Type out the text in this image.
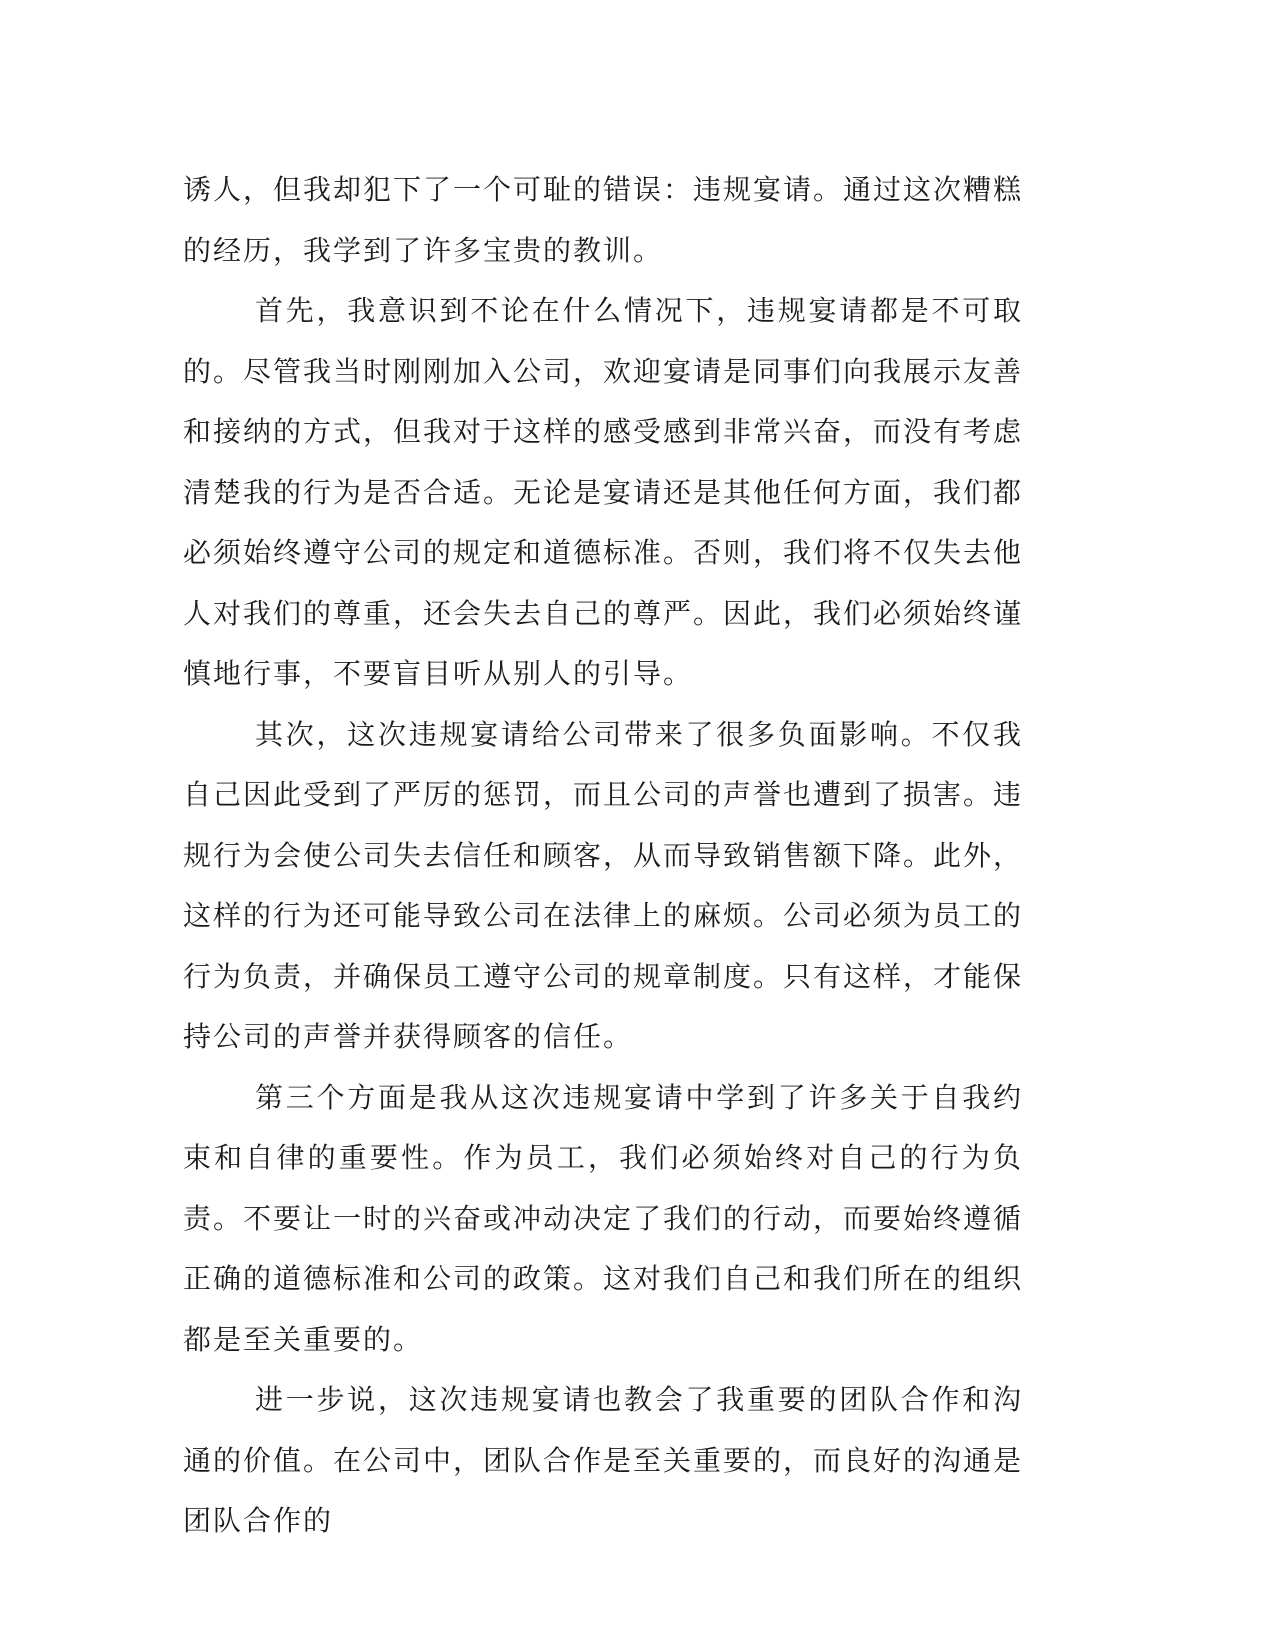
诱人，但我却犯下了一个可耻的错误：违规宴请。通过这次糟糕的经历，我学到了许多宝贵的教训。

首先，我意识到不论在什么情况下，违规宴请都是不可取的。尽管我当时刚刚加入公司，欢迎宴请是同事们向我展示友善和接纳的方式，但我对于这样的感受感到非常兴奋，而没有考虑清楚我的行为是否合适。无论是宴请还是其他任何方面，我们都必须始终遵守公司的规定和道德标准。否则，我们将不仅失去他人对我们的尊重，还会失去自己的尊严。因此，我们必须始终谨慎地行事，不要盲目听从别人的引导。

其次，这次违规宴请给公司带来了很多负面影响。不仅我自己因此受到了严厉的惩罚，而且公司的声誉也遭到了损害。违规行为会使公司失去信任和顾客，从而导致销售额下降。此外，这样的行为还可能导致公司在法律上的麻烦。公司必须为员工的行为负责，并确保员工遵守公司的规章制度。只有这样，才能保持公司的声誉并获得顾客的信任。

第三个方面是我从这次违规宴请中学到了许多关于自我约束和自律的重要性。作为员工，我们必须始终对自己的行为负责。不要让一时的兴奋或冲动决定了我们的行动，而要始终遵循正确的道德标准和公司的政策。这对我们自己和我们所在的组织都是至关重要的。

进一步说，这次违规宴请也教会了我重要的团队合作和沟通的价值。在公司中，团队合作是至关重要的，而良好的沟通是团队合作的
